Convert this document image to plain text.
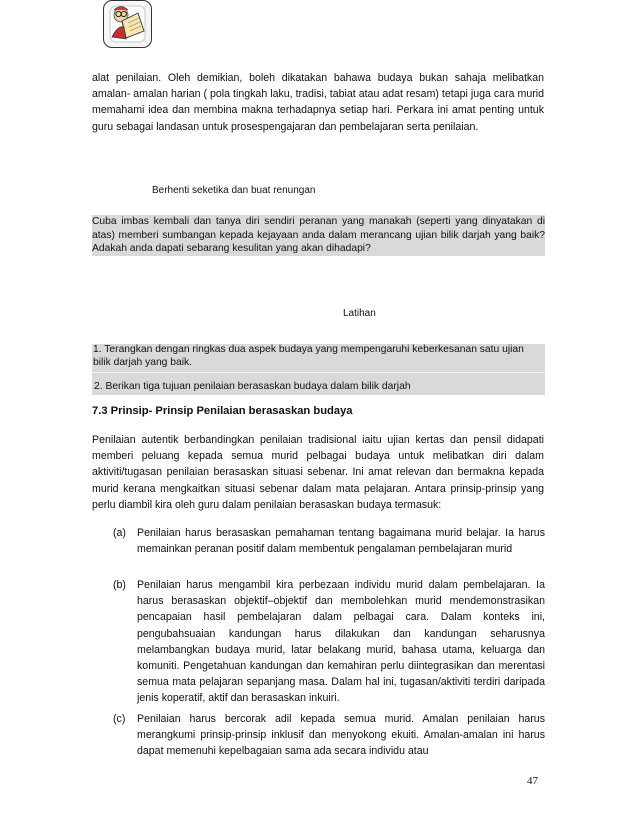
alat penilaian. Oleh demikian, boleh dikatakan bahawa budaya bukan sahaja melibatkan amalan- amalan harian ( pola tingkah laku, tradisi, tabiat atau adat resam) tetapi juga cara murid memahami idea dan membina makna terhadapnya setiap hari. Perkara ini amat penting untuk guru sebagai landasan untuk prosespengajaran dan pembelajaran serta penilaian.
Berhenti seketika dan buat renungan
Cuba imbas kembali dan tanya diri sendiri peranan yang manakah (seperti yang dinyatakan di atas) memberi sumbangan kepada kejayaan anda dalam merancang ujian bilik darjah yang baik? Adakah anda dapati sebarang kesulitan yang akan dihadapi?
Latihan
1. Terangkan dengan ringkas dua aspek budaya yang mempengaruhi keberkesanan satu ujian bilik darjah yang baik.
2. Berikan tiga tujuan penilaian berasaskan budaya dalam bilik darjah
7.3 Prinsip- Prinsip Penilaian berasaskan budaya
Penilaian autentik berbandingkan penilaian tradisional iaitu ujian kertas dan pensil didapati memberi peluang kepada semua murid pelbagai budaya untuk melibatkan diri dalam aktiviti/tugasan penilaian berasaskan situasi sebenar. Ini amat relevan dan bermakna kepada murid kerana mengkaitkan situasi sebenar dalam mata pelajaran. Antara prinsip-prinsip yang perlu diambil kira oleh guru dalam penilaian berasaskan budaya termasuk:
(a) Penilaian harus berasaskan pemahaman tentang bagaimana murid belajar. Ia harus memainkan peranan positif dalam membentuk pengalaman pembelajaran murid
(b) Penilaian harus mengambil kira perbezaan individu murid dalam pembelajaran. Ia harus berasaskan objektif–objektif dan membolehkan murid mendemonstrasikan pencapaian hasil pembelajaran dalam pelbagai cara. Dalam konteks ini, pengubahsuaian kandungan harus dilakukan dan kandungan seharusnya melambangkan budaya murid, latar belakang murid, bahasa utama, keluarga dan komuniti. Pengetahuan kandungan dan kemahiran perlu diintegrasikan dan merentasi semua mata pelajaran sepanjang masa. Dalam hal ini, tugasan/aktiviti terdiri daripada jenis koperatif, aktif dan berasaskan inkuiri.
(c) Penilaian harus bercorak adil kepada semua murid. Amalan penilaian harus merangkumi prinsip-prinsip inklusif dan menyokong ekuiti. Amalan-amalan ini harus dapat memenuhi kepelbagaian sama ada secara individu atau
47
